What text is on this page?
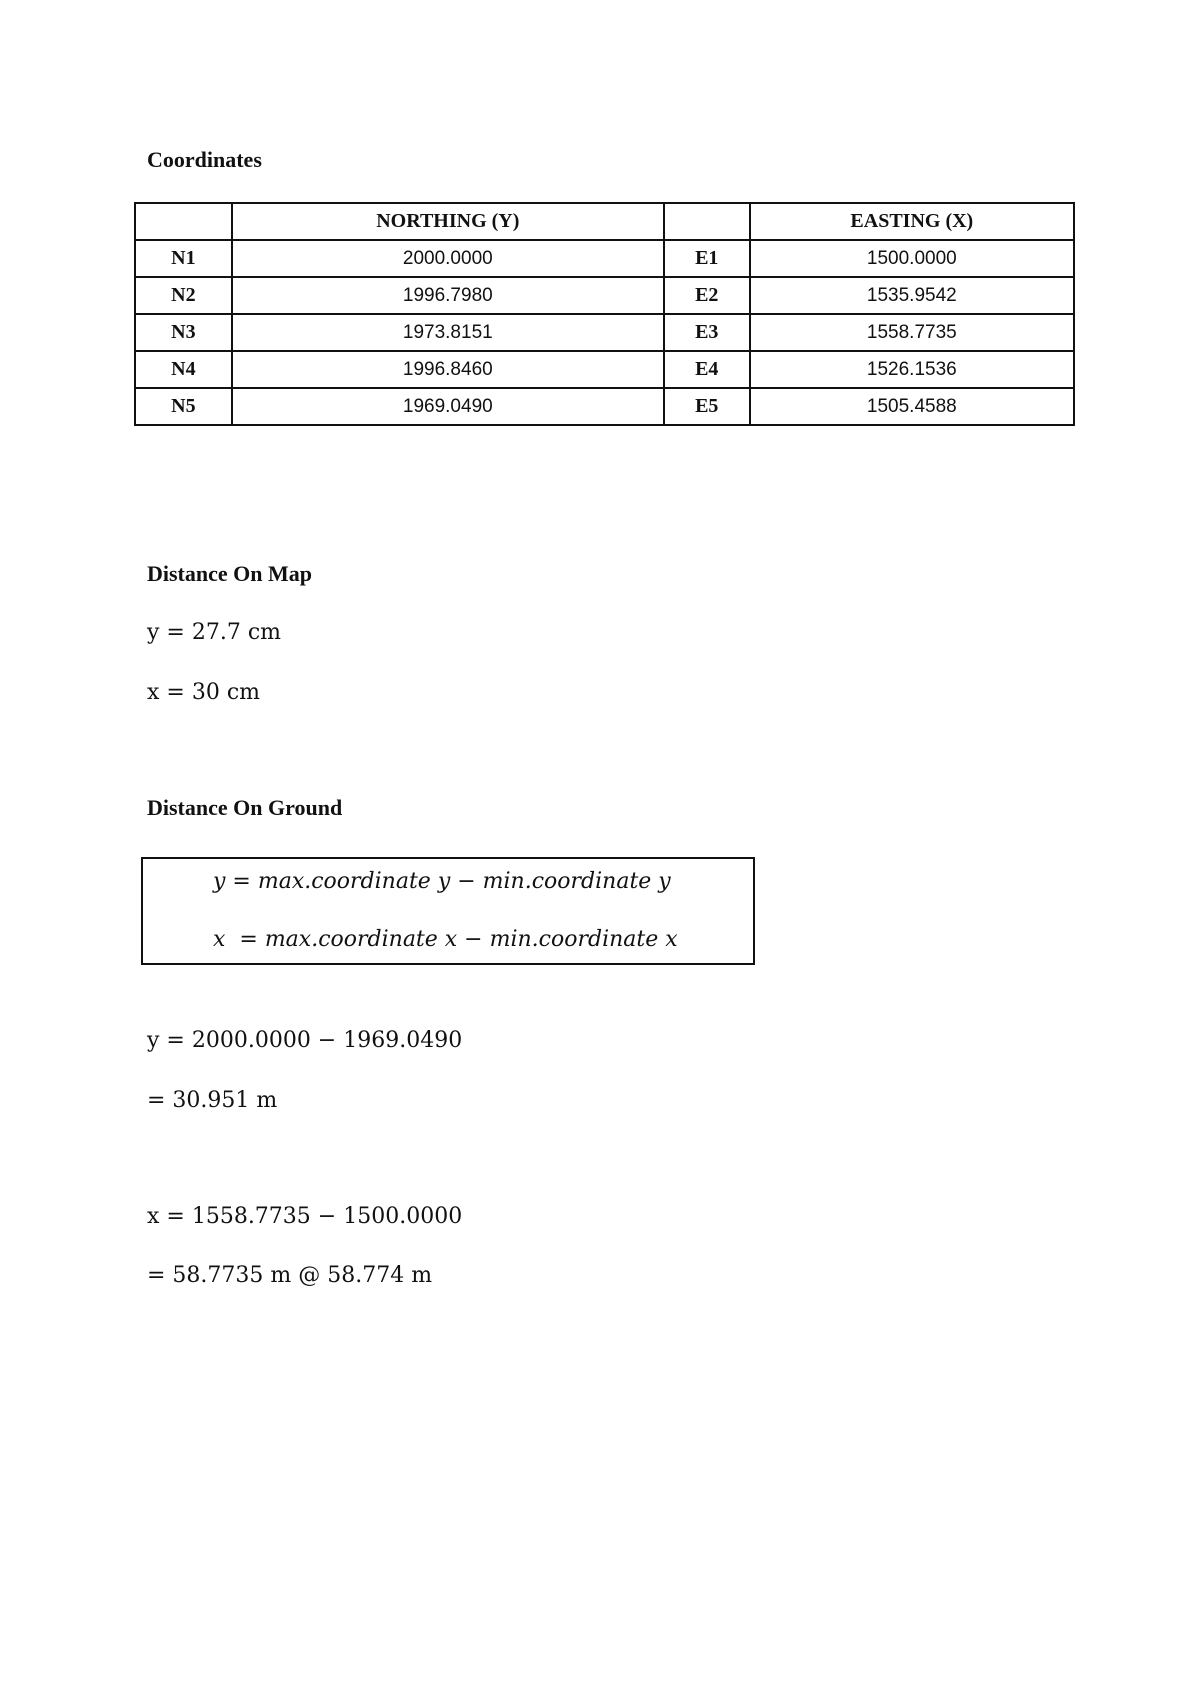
Coordinates
	NORTHING (Y)		EASTING (X)
N1	2000.0000	E1	1500.0000
N2	1996.7980	E2	1535.9542
N3	1973.8151	E3	1558.7735
N4	1996.8460	E4	1526.1536
N5	1969.0490	E5	1505.4588
Distance On Map
y = 27.7 cm
x = 30 cm
Distance On Ground
y = max.coordinate y − min.coordinate y
x  = max.coordinate x − min.coordinate x
y = 2000.0000 − 1969.0490
= 30.951 m
x = 1558.7735 − 1500.0000
= 58.7735 m @ 58.774 m
